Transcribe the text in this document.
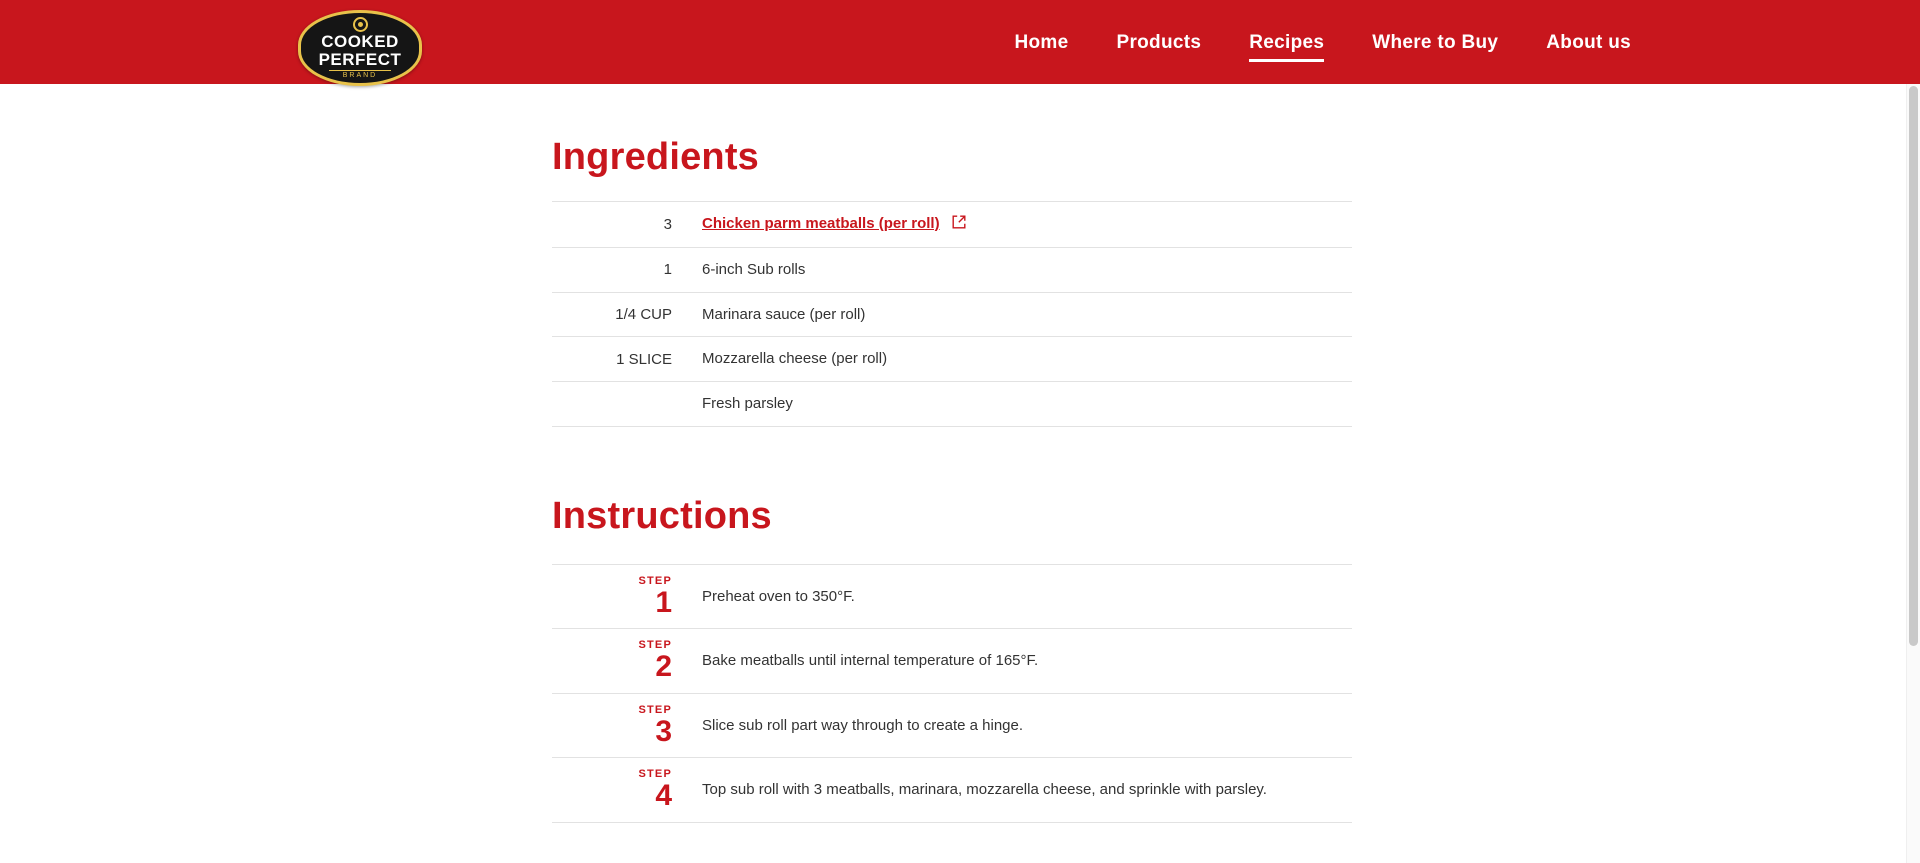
COOKED
PERFECT
BRAND
Home	Products	Recipes	Where to Buy	About us
Ingredients
3	Chicken parm meatballs (per roll)
1	6-inch Sub rolls
1/4 CUP	Marinara sauce (per roll)
1 SLICE	Mozzarella cheese (per roll)
	Fresh parsley
Instructions
STEP
1	Preheat oven to 350°F.

STEP
2	Bake meatballs until internal temperature of 165°F.

STEP
3	Slice sub roll part way through to create a hinge.

STEP
4	Top sub roll with 3 meatballs, marinara, mozzarella cheese, and sprinkle with parsley.
